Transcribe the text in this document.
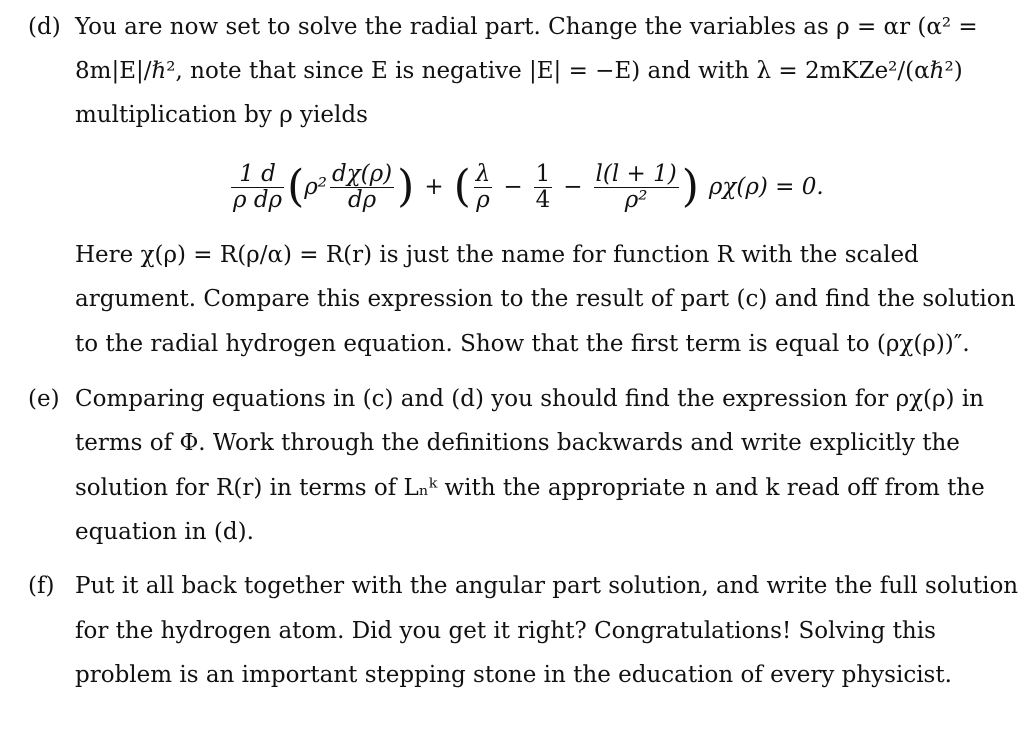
(d) You are now set to solve the radial part. Change the variables as ρ = αr (α² =
8m|E|/ℏ², note that since E is negative |E| = −E) and with λ = 2mKZe²/(αℏ²)
multiplication by ρ yields
$\frac{1 d}{\text{ρ dρ}}$ ( $\rho^2 \frac{d\chi(\rho)}{d\rho}$ ) + ( $\frac{\lambda}{\rho} - \frac{1}{4} - \frac{l(l + 1)}{\text{ρ²}}$ ) ρχ(ρ) = 0.
Here χ(ρ) = R(ρ/α) = R(r) is just the name for function R with the scaled
argument. Compare this expression to the result of part (c) and find the solution
to the radial hydrogen equation. Show that the first term is equal to (ρχ(ρ))″.
(e) Comparing equations in (c) and (d) you should find the expression for ρχ(ρ) in
terms of Φ. Work through the definitions backwards and write explicitly the
solution for R(r) in terms of Lₙᵏ with the appropriate n and k read off from the
equation in (d).
(f) Put it all back together with the angular part solution, and write the full solution
for the hydrogen atom. Did you get it right? Congratulations! Solving this
problem is an important stepping stone in the education of every physicist.
